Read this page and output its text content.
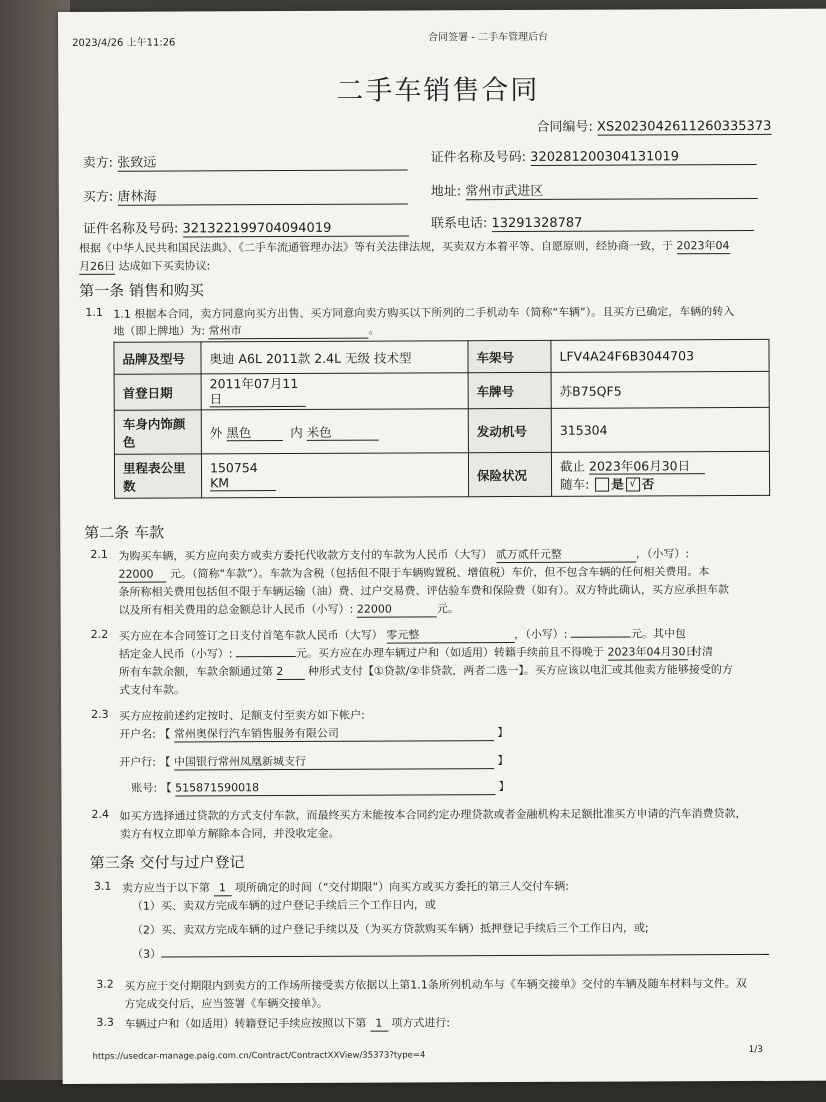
2023/4/26 上午11:26	合同签署 - 二手车管理后台
二手车销售合同
合同编号: XS2023042611260335373
卖方: 张致远	证件名称及号码: 320281200304131019
买方: 唐林海	地址: 常州市武进区
证件名称及号码: 321322199704094019	联系电话: 13291328787
根据《中华人民共和国民法典》、《二手车流通管理办法》等有关法律法规，买卖双方本着平等、自愿原则，经协商一致，于 2023年04
月26日 达成如下买卖协议:
第一条 销售和购买
1.1 1.1 根据本合同，卖方同意向买方出售、买方同意向卖方购买以下所列的二手机动车（简称“车辆”）。且买方已确定，车辆的转入
地（即上牌地）为: 常州市	。
品牌及型号	奥迪 A6L 2011款 2.4L 无级 技术型	车架号	LFV4A24F6B3044703
首登日期	2011年07月11日	车牌号	苏B75QF5
车身内饰颜色	外 黑色 内 米色	发动机号	315304
里程表公里数	150754 KM	保险状况	截止 2023年06月30日
随车: 是 √ 否
第二条 车款
2.1 为购买车辆，买方应向卖方或卖方委托代收款方支付的车款为人民币（大写） 贰万贰仟元整	，（小写）:
22000 元。（简称“车款”）。车款为含税（包括但不限于车辆购置税、增值税）车价，但不包含车辆的任何相关费用。本
条所称相关费用包括但不限于车辆运输（油）费、过户交易费、评估验车费和保险费（如有）。双方特此确认，买方应承担车款
以及所有相关费用的总金额总计人民币（小写）: 22000	元。
2.2 买方应在本合同签订之日支付首笔车款人民币（大写） 零元整	，（小写）:	元。其中包
括定金人民币（小写）:	元。买方应在办理车辆过户和（如适用）转籍手续前且不得晚于 2023年04月30日 付清
所有车款余额，车款余额通过第 2 种形式支付【①贷款/②非贷款，两者二选一】。买方应该以电汇或其他卖方能够接受的方
式支付车款。
2.3 买方应按前述约定按时、足额支付至卖方如下帐户:
开户名: 【 常州奥保行汽车销售服务有限公司	】
开户行: 【 中国银行常州凤凰新城支行	】
账号: 【 515871590018	】
2.4 如买方选择通过贷款的方式支付车款，而最终买方未能按本合同约定办理贷款或者金融机构未足额批准买方申请的汽车消费贷款，
卖方有权立即单方解除本合同，并没收定金。
第三条 交付与过户登记
3.1 卖方应当于以下第 1 项所确定的时间（“交付期限”）向买方或买方委托的第三人交付车辆:
（1）买、卖双方完成车辆的过户登记手续后三个工作日内，或
（2）买、卖双方完成车辆的过户登记手续以及（为买方贷款购买车辆）抵押登记手续后三个工作日内，或;
（3）
3.2 买方应于交付期限内到卖方的工作场所接受卖方依据以上第1.1条所列机动车与《车辆交接单》交付的车辆及随车材料与文件。双
方完成交付后，应当签署《车辆交接单》。
3.3 车辆过户和（如适用）转籍登记手续应按照以下第 1 项方式进行:
https://usedcar-manage.paig.com.cn/Contract/ContractXXView/35373?type=4
1/3
